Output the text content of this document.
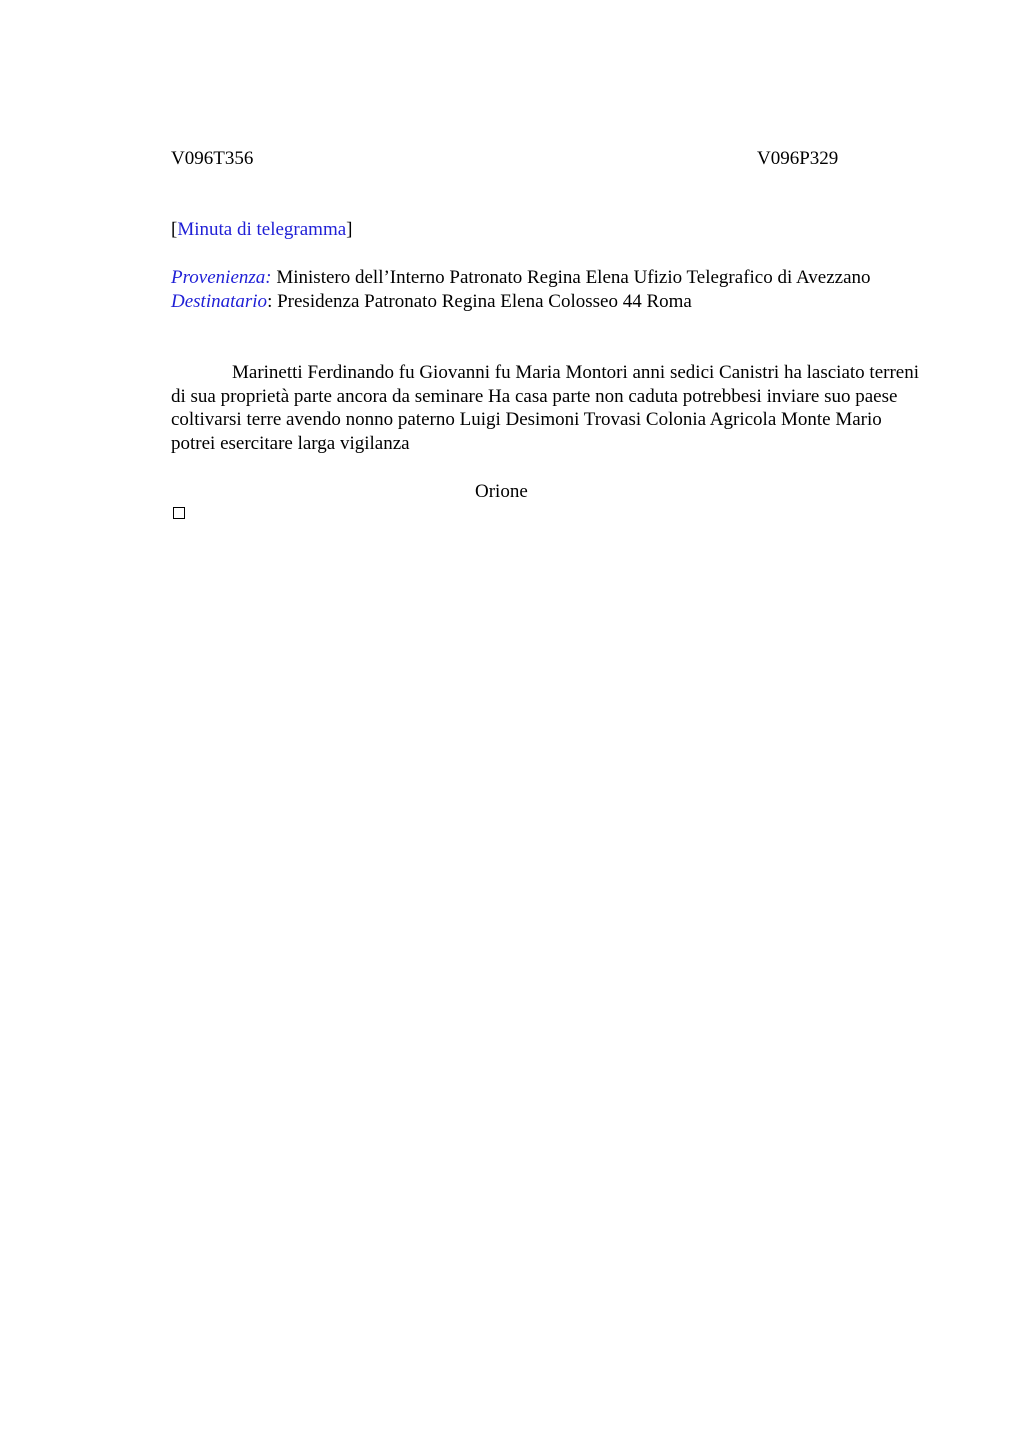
V096T356	V096P329
[Minuta di telegramma]
Provenienza: Ministero dell’Interno Patronato Regina Elena Ufizio Telegrafico di Avezzano
Destinatario: Presidenza Patronato Regina Elena Colosseo 44 Roma
Marinetti Ferdinando fu Giovanni fu Maria Montori anni sedici Canistri ha lasciato terreni di sua proprietà parte ancora da seminare Ha casa parte non caduta potrebbesi inviare suo paese coltivarsi terre avendo nonno paterno Luigi Desimoni Trovasi Colonia Agricola Monte Mario potrei esercitare larga vigilanza
Orione
